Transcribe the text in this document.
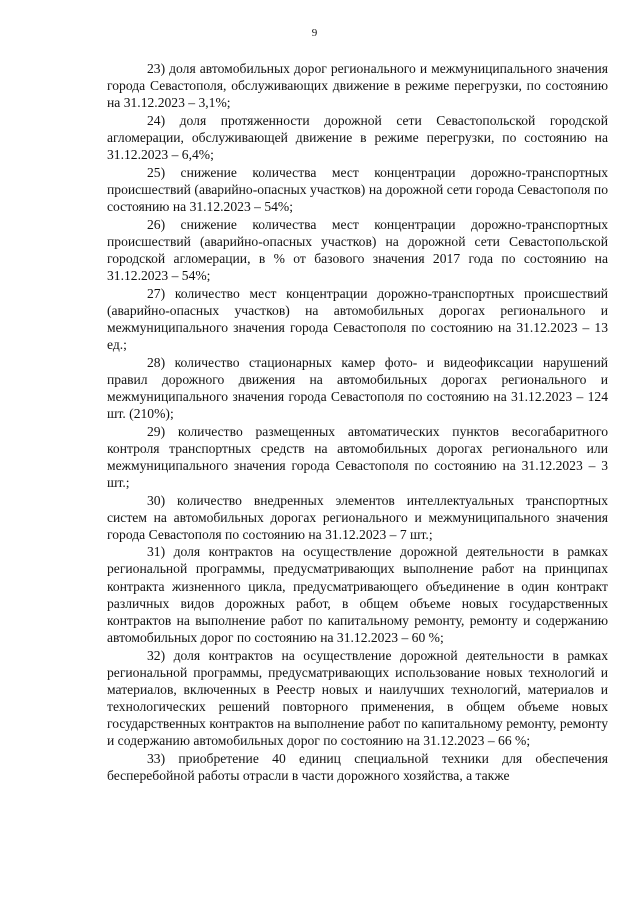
9

23) доля автомобильных дорог регионального и межмуниципального значения города Севастополя, обслуживающих движение в режиме перегрузки, по состоянию на 31.12.2023 – 3,1%;

24) доля протяженности дорожной сети Севастопольской городской агломерации, обслуживающей движение в режиме перегрузки, по состоянию на 31.12.2023 – 6,4%;

25) снижение количества мест концентрации дорожно-транспортных происшествий (аварийно-опасных участков) на дорожной сети города Севастополя по состоянию на 31.12.2023 – 54%;

26) снижение количества мест концентрации дорожно-транспортных происшествий (аварийно-опасных участков) на дорожной сети Севастопольской городской агломерации, в % от базового значения 2017 года по состоянию на 31.12.2023 – 54%;

27) количество мест концентрации дорожно-транспортных происшествий (аварийно-опасных участков) на автомобильных дорогах регионального и межмуниципального значения города Севастополя по состоянию на 31.12.2023 – 13 ед.;

28) количество стационарных камер фото- и видеофиксации нарушений правил дорожного движения на автомобильных дорогах регионального и межмуниципального значения города Севастополя по состоянию на 31.12.2023 – 124 шт. (210%);

29) количество размещенных автоматических пунктов весогабаритного контроля транспортных средств на автомобильных дорогах регионального или межмуниципального значения города Севастополя по состоянию на 31.12.2023 – 3 шт.;

30) количество внедренных элементов интеллектуальных транспортных систем на автомобильных дорогах регионального и межмуниципального значения города Севастополя по состоянию на 31.12.2023 – 7 шт.;

31) доля контрактов на осуществление дорожной деятельности в рамках региональной программы, предусматривающих выполнение работ на принципах контракта жизненного цикла, предусматривающего объединение в один контракт различных видов дорожных работ, в общем объеме новых государственных контрактов на выполнение работ по капитальному ремонту, ремонту и содержанию автомобильных дорог по состоянию на 31.12.2023 – 60 %;

32) доля контрактов на осуществление дорожной деятельности в рамках региональной программы, предусматривающих использование новых технологий и материалов, включенных в Реестр новых и наилучших технологий, материалов и технологических решений повторного применения, в общем объеме новых государственных контрактов на выполнение работ по капитальному ремонту, ремонту и содержанию автомобильных дорог по состоянию на 31.12.2023 – 66 %;

33) приобретение 40 единиц специальной техники для обеспечения бесперебойной работы отрасли в части дорожного хозяйства, а также
